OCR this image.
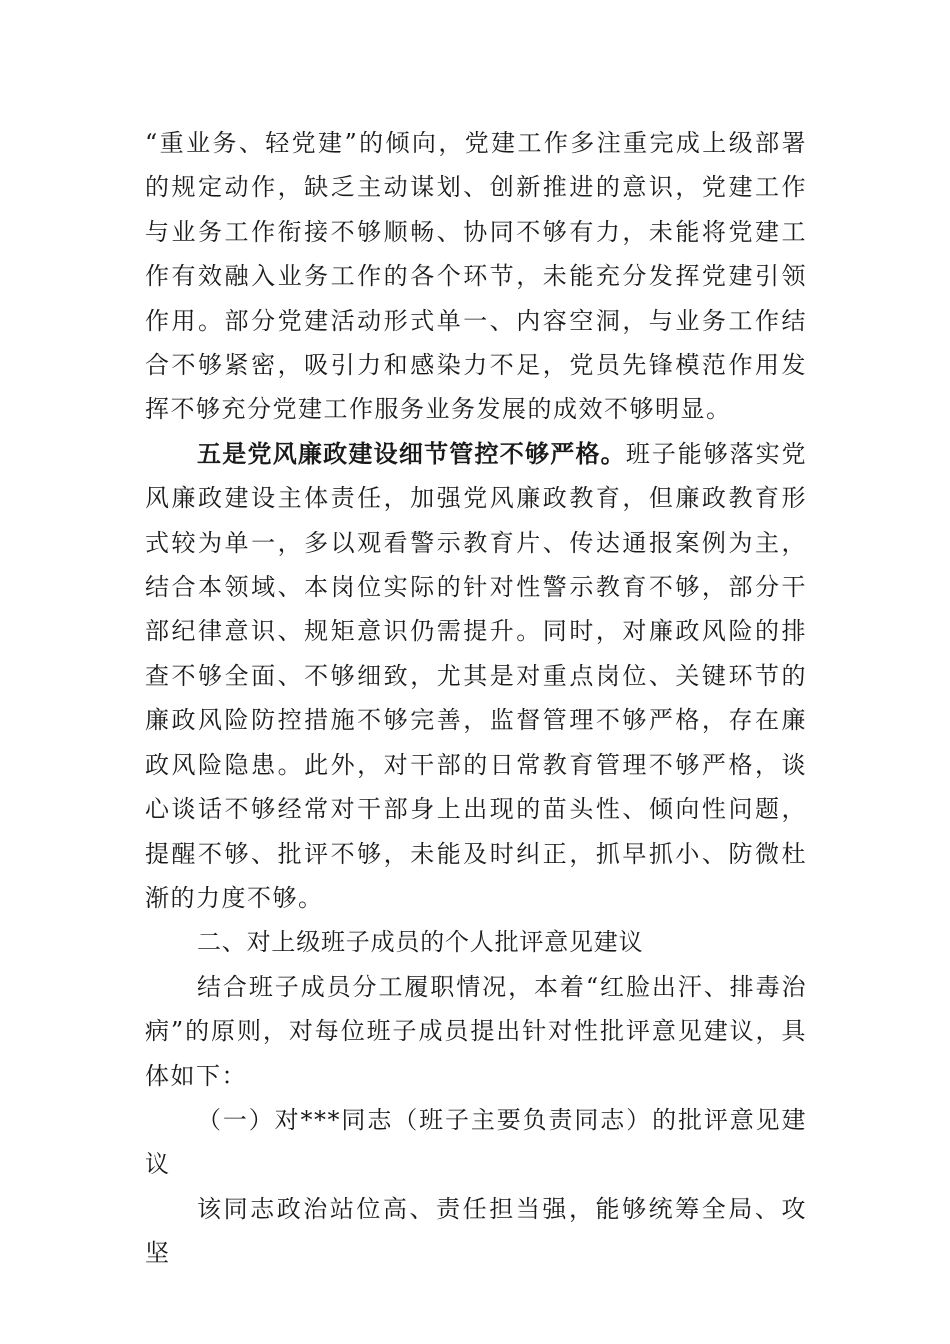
“重业务、轻党建”的倾向，党建工作多注重完成上级部署的规定动作，缺乏主动谋划、创新推进的意识，党建工作与业务工作衔接不够顺畅、协同不够有力，未能将党建工作有效融入业务工作的各个环节，未能充分发挥党建引领作用。部分党建活动形式单一、内容空洞，与业务工作结合不够紧密，吸引力和感染力不足，党员先锋模范作用发挥不够充分党建工作服务业务发展的成效不够明显。

五是党风廉政建设细节管控不够严格。班子能够落实党风廉政建设主体责任，加强党风廉政教育，但廉政教育形式较为单一，多以观看警示教育片、传达通报案例为主，结合本领域、本岗位实际的针对性警示教育不够，部分干部纪律意识、规矩意识仍需提升。同时，对廉政风险的排查不够全面、不够细致，尤其是对重点岗位、关键环节的廉政风险防控措施不够完善，监督管理不够严格，存在廉政风险隐患。此外，对干部的日常教育管理不够严格，谈心谈话不够经常对干部身上出现的苗头性、倾向性问题，提醒不够、批评不够，未能及时纠正，抓早抓小、防微杜渐的力度不够。

二、对上级班子成员的个人批评意见建议

结合班子成员分工履职情况，本着“红脸出汗、排毒治病”的原则，对每位班子成员提出针对性批评意见建议，具体如下：

（一）对***同志（班子主要负责同志）的批评意见建议

该同志政治站位高、责任担当强，能够统筹全局、攻坚
